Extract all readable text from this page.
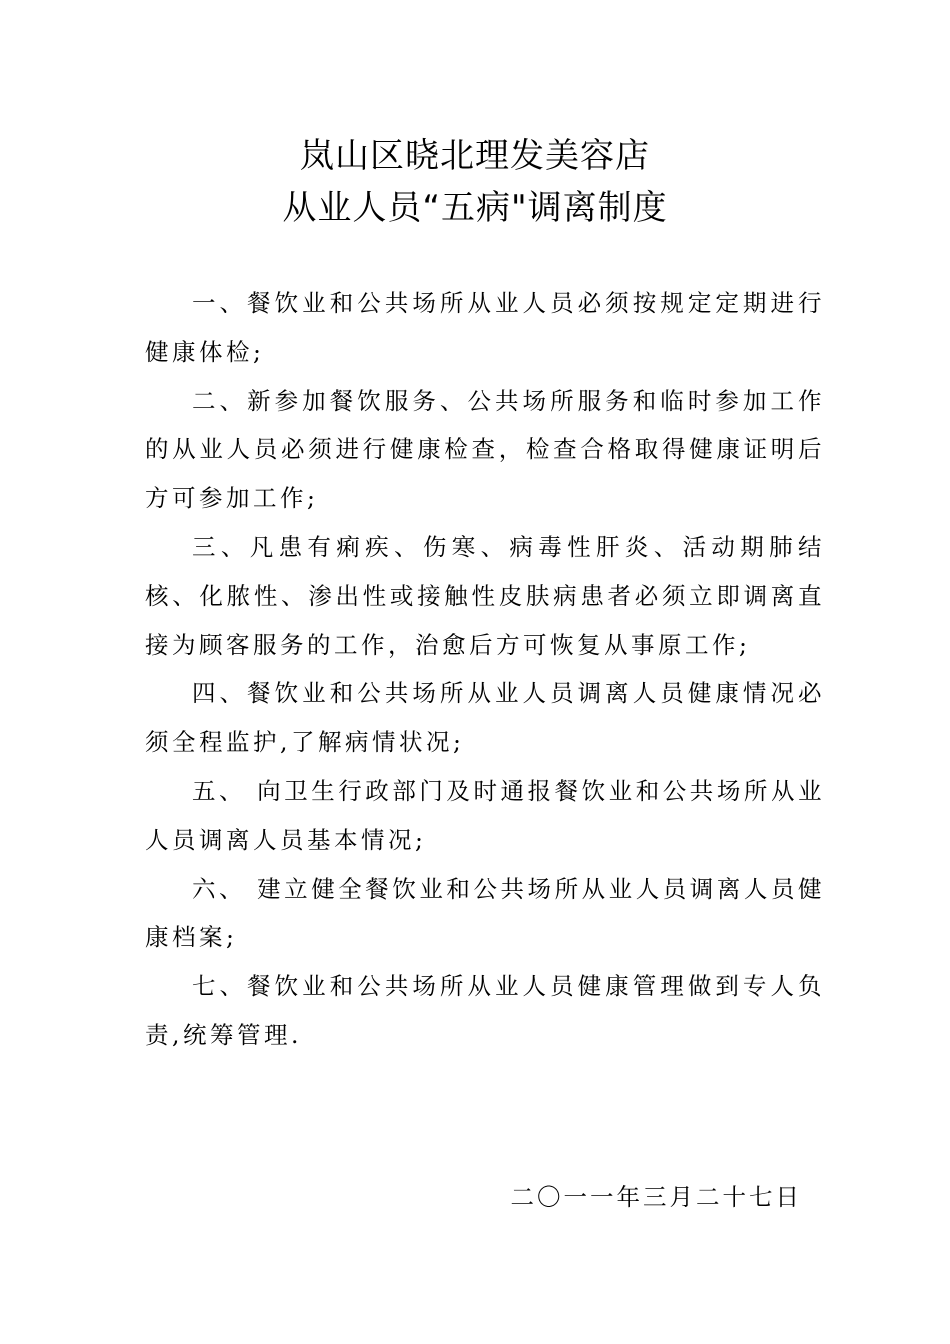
岚山区晓北理发美容店
从业人员“五病"调离制度

一、餐饮业和公共场所从业人员必须按规定定期进行健康体检;

二、新参加餐饮服务、公共场所服务和临时参加工作的从业人员必须进行健康检查，检查合格取得健康证明后方可参加工作;

三、凡患有痢疾、伤寒、病毒性肝炎、活动期肺结核、化脓性、渗出性或接触性皮肤病患者必须立即调离直接为顾客服务的工作，治愈后方可恢复从事原工作;

四、餐饮业和公共场所从业人员调离人员健康情况必须全程监护,了解病情状况;

五、 向卫生行政部门及时通报餐饮业和公共场所从业人员调离人员基本情况;

六、 建立健全餐饮业和公共场所从业人员调离人员健康档案;

七、餐饮业和公共场所从业人员健康管理做到专人负责,统筹管理.

二〇一一年三月二十七日
